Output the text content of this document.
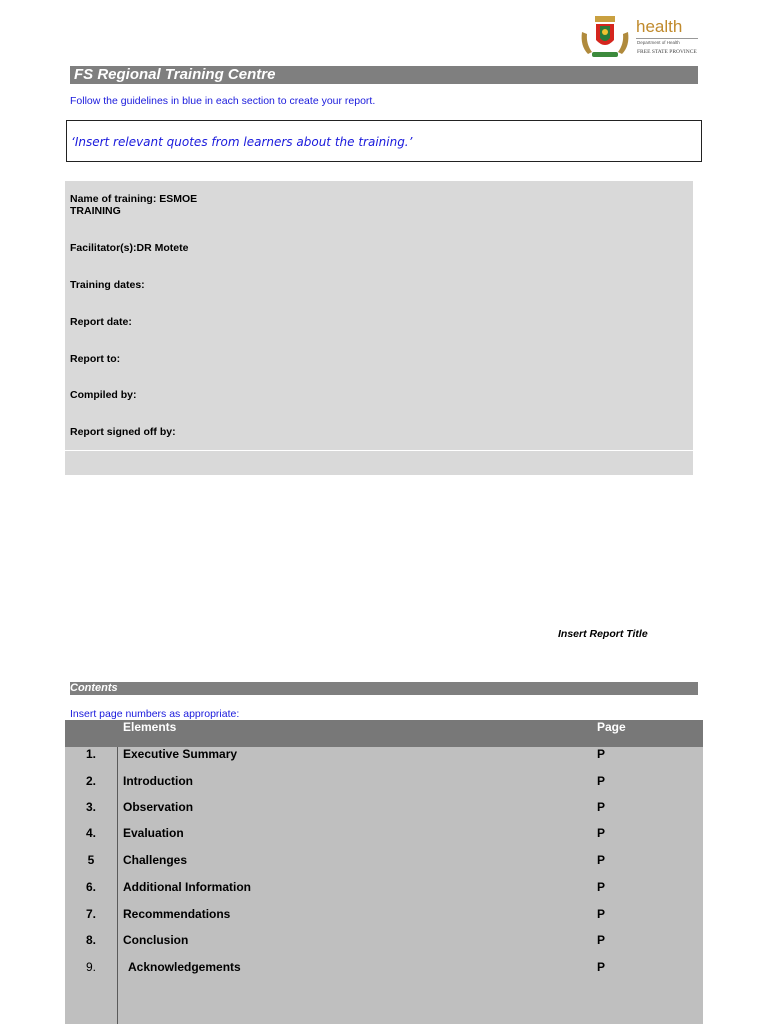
health
Department of Health
FREE STATE PROVINCE
FS Regional Training Centre
Follow the guidelines in blue in each section to create your report.
‘Insert relevant quotes from learners about the training.’
Name of training: ESMOE TRAINING
Facilitator(s):DR Motete
Training dates:
Report date:
Report to:
Compiled by:
Report signed off by:
Insert Report Title
Contents
Insert page numbers as appropriate:
Elements	Page
1.	Executive Summary	P
2.	Introduction	P
3.	Observation	P
4.	Evaluation	P
5	Challenges	P
6.	Additional Information	P
7.	Recommendations	P
8.	Conclusion	P
9.	Acknowledgements	P
